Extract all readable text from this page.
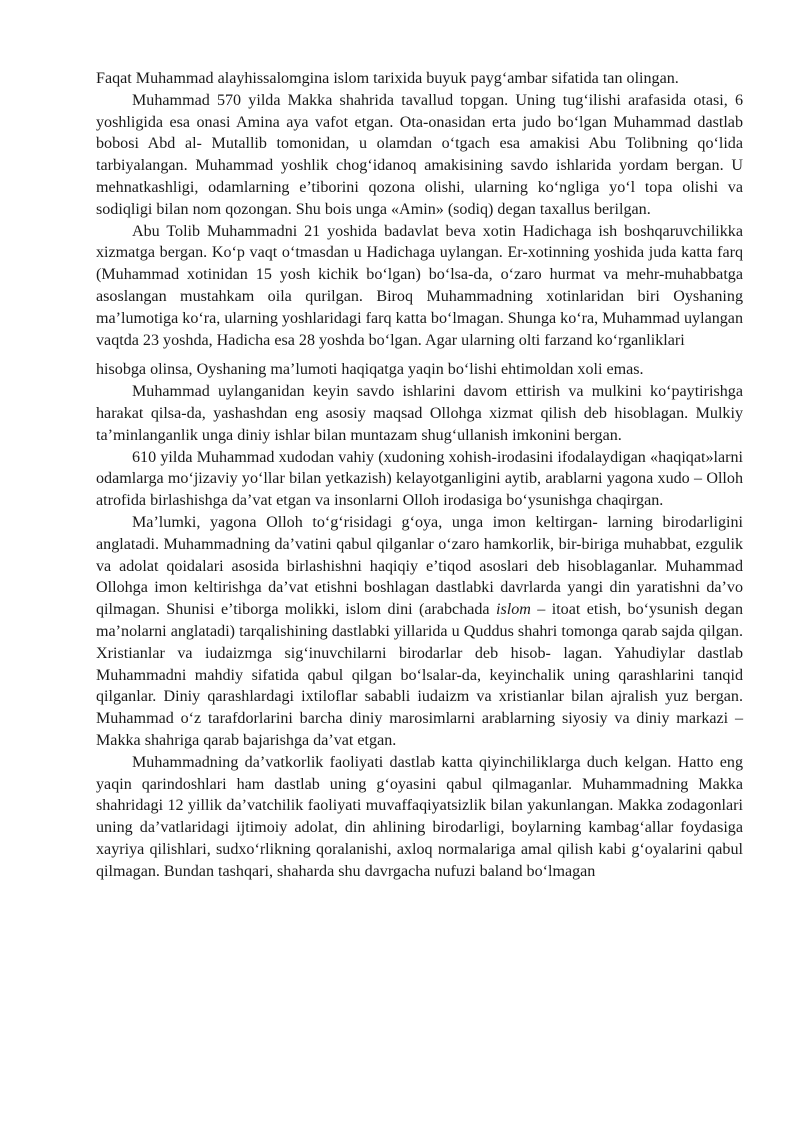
Faqat Muhammad alayhissalomgina islom tarixida buyuk payg‘ambar sifatida tan olingan.

Muhammad 570 yilda Makka shahrida tavallud topgan. Uning tug‘ilishi arafasida otasi, 6 yoshligida esa onasi Amina aya vafot etgan. Ota-onasidan erta judo bo‘lgan Muhammad dastlab bobosi Abd al- Mutallib tomonidan, u olamdan o‘tgach esa amakisi Abu Tolibning qo‘lida tarbiyalangan. Muhammad yoshlik chog‘idanoq amakisining savdo ishlarida yordam bergan. U mehnatkashligi, odamlarning e’tiborini qozona olishi, ularning ko‘ngliga yo‘l topa olishi va sodiqligi bilan nom qozongan. Shu bois unga «Amin» (sodiq) degan taxallus berilgan.

Abu Tolib Muhammadni 21 yoshida badavlat beva xotin Hadichaga ish boshqaruvchilikka xizmatga bergan. Ko‘p vaqt o‘tmasdan u Hadichaga uylangan. Er-xotinning yoshida juda katta farq (Muhammad xotinidan 15 yosh kichik bo‘lgan) bo‘lsa-da, o‘zaro hurmat va mehr-muhabbatga asoslangan mustahkam oila qurilgan. Biroq Muhammadning xotinlaridan biri Oyshaning ma’lumotiga ko‘ra, ularning yoshlaridagi farq katta bo‘lmagan. Shunga ko‘ra, Muhammad uylangan vaqtda 23 yoshda, Hadicha esa 28 yoshda bo‘lgan. Agar ularning olti farzand ko‘rganliklari

hisobga olinsa, Oyshaning ma’lumoti haqiqatga yaqin bo‘lishi ehtimoldan xoli emas.

Muhammad uylanganidan keyin savdo ishlarini davom ettirish va mulkini ko‘paytirishga harakat qilsa-da, yashashdan eng asosiy maqsad Ollohga xizmat qilish deb hisoblagan. Mulkiy ta’minlanganlik unga diniy ishlar bilan muntazam shug‘ullanish imkonini bergan.

610 yilda Muhammad xudodan vahiy (xudoning xohish-irodasini ifodalaydigan «haqiqat»larni odamlarga mo‘jizaviy yo‘llar bilan yetkazish) kelayotganligini aytib, arablarni yagona xudo – Olloh atrofida birlashishga da’vat etgan va insonlarni Olloh irodasiga bo‘ysunishga chaqirgan.

Ma’lumki, yagona Olloh to‘g‘risidagi g‘oya, unga imon keltirgan- larning birodarligini anglatadi. Muhammadning da’vatini qabul qilganlar o‘zaro hamkorlik, bir-biriga muhabbat, ezgulik va adolat qoidalari asosida birlashishni haqiqiy e’tiqod asoslari deb hisoblaganlar. Muhammad Ollohga imon keltirishga da’vat etishni boshlagan dastlabki davrlarda yangi din yaratishni da’vo qilmagan. Shunisi e’tiborga molikki, islom dini (arabchada islom – itoat etish, bo‘ysunish degan ma’nolarni anglatadi) tarqalishining dastlabki yillarida u Quddus shahri tomonga qarab sajda qilgan. Xristianlar va iudaizmga sig‘inuvchilarni birodarlar deb hisob- lagan. Yahudiylar dastlab Muhammadni mahdiy sifatida qabul qilgan bo‘lsalar-da, keyinchalik uning qarashlarini tanqid qilganlar. Diniy qarashlardagi ixtiloflar sababli iudaizm va xristianlar bilan ajralish yuz bergan. Muhammad o‘z tarafdorlarini barcha diniy marosimlarni arablarning siyosiy va diniy markazi – Makka shahriga qarab bajarishga da’vat etgan.

Muhammadning da’vatkorlik faoliyati dastlab katta qiyinchiliklarga duch kelgan. Hatto eng yaqin qarindoshlari ham dastlab uning g‘oyasini qabul qilmaganlar. Muhammadning Makka shahridagi 12 yillik da’vatchilik faoliyati muvaffaqiyatsizlik bilan yakunlangan. Makka zodagonlari uning da’vatlaridagi ijtimoiy adolat, din ahlining birodarligi, boylarning kambag‘allar foydasiga xayriya qilishlari, sudxo‘rlikning qoralanishi, axloq normalariga amal qilish kabi g‘oyalarini qabul qilmagan. Bundan tashqari, shaharda shu davrgacha nufuzi baland bo‘lmagan
